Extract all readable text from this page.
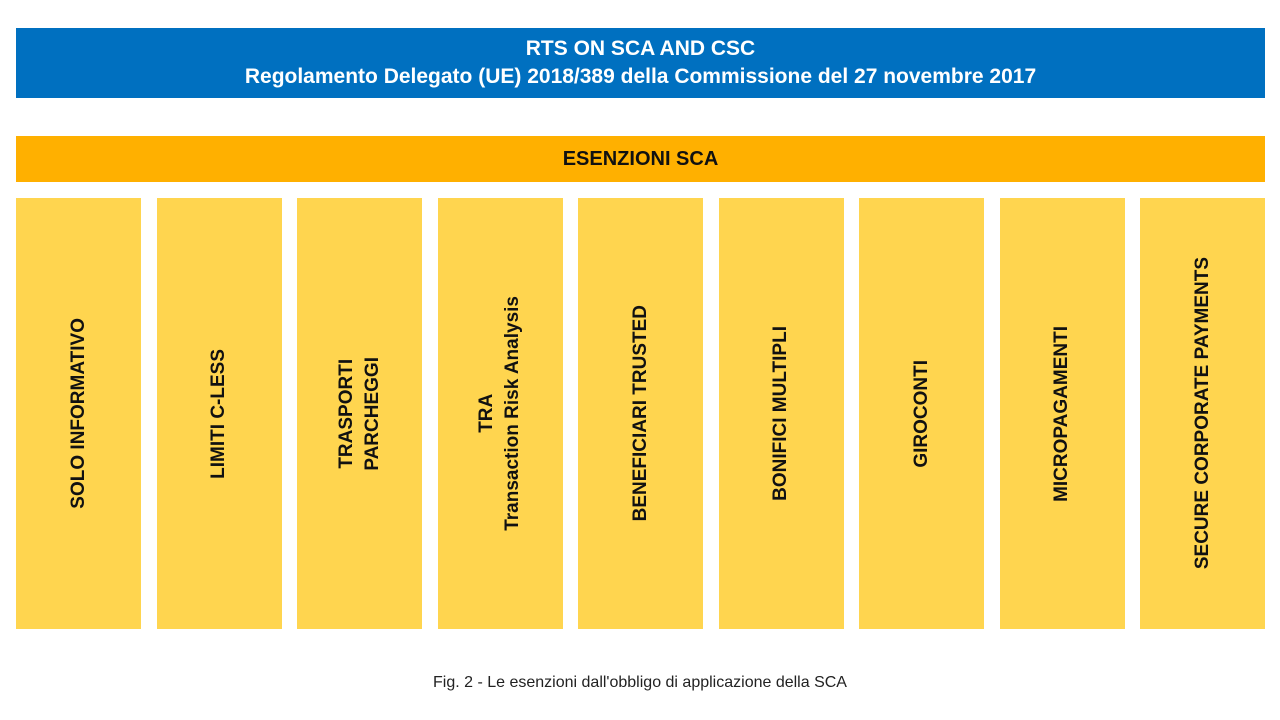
RTS ON SCA AND CSC
Regolamento Delegato (UE) 2018/389 della Commissione del 27 novembre 2017
ESENZIONI SCA
SOLO INFORMATIVO	LIMITI C-LESS	TRASPORTI PARCHEGGI	TRA Transaction Risk Analysis	BENEFICIARI TRUSTED	BONIFICI MULTIPLI	GIROCONTI	MICROPAGAMENTI	SECURE CORPORATE PAYMENTS
Fig. 2 - Le esenzioni dall'obbligo di applicazione della SCA
